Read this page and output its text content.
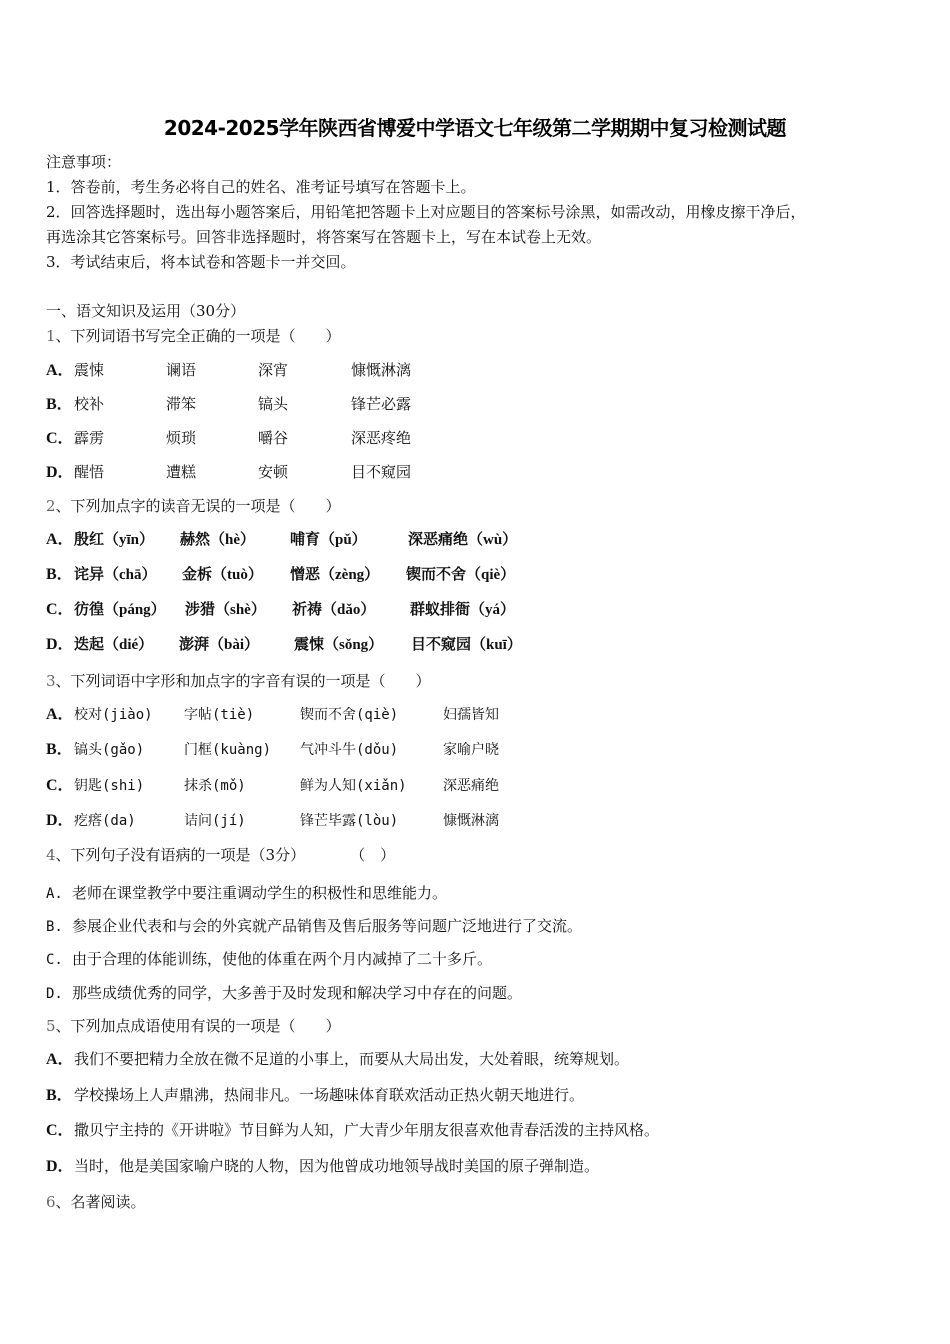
2024-2025学年陕西省博爱中学语文七年级第二学期期中复习检测试题
注意事项：
1．答卷前，考生务必将自己的姓名、准考证号填写在答题卡上。
2．回答选择题时，选出每小题答案后，用铅笔把答题卡上对应题目的答案标号涂黑，如需改动，用橡皮擦干净后，
再选涂其它答案标号。回答非选择题时，将答案写在答题卡上，写在本试卷上无效。
3．考试结束后，将本试卷和答题卡一并交回。
一、语文知识及运用（30分）
1、下列词语书写完全正确的一项是（　　）
A． 震悚	谰语	深宵	慷慨淋漓
B． 校补	滞笨	镐头	锋芒必露
C． 霹雳	烦琐	嚼谷	深恶疼绝
D． 醒悟	遭糕	安顿	目不窥园
2、下列加点字的读音无误的一项是（　　）
A． 殷红（yīn） 赫然（hè） 哺育（pǔ）	深恶痛绝（wù）
B． 诧异（chā） 金柝（tuò） 憎恶（zèng） 锲而不舍（qiè）
C． 彷徨（páng） 涉猎（shè） 祈祷（dǎo） 群蚁排衙（yá）
D． 迭起（dié） 澎湃（bài） 震悚（sǒng） 目不窥园（kuī）
3、下列词语中字形和加点字的字音有误的一项是（　　）
A． 校对(jiào) 字帖(tiè)	锲而不舍(qiè)	妇孺皆知
B． 镐头(gǎo)	门框(kuàng) 气冲斗牛(dǒu)	家喻户晓
C． 钥匙(shi)	抹杀(mǒ)	鲜为人知(xiǎn)	深恶痛绝
D． 疙瘩(da)	诘问(jí)	锋芒毕露(lòu)	慷慨淋漓
4、下列句子没有语病的一项是（3分）　　　　（　）
A. 老师在课堂教学中要注重调动学生的积极性和思维能力。
B. 参展企业代表和与会的外宾就产品销售及售后服务等问题广泛地进行了交流。
C. 由于合理的体能训练，使他的体重在两个月内减掉了二十多斤。
D. 那些成绩优秀的同学，大多善于及时发现和解决学习中存在的问题。
5、下列加点成语使用有误的一项是（　　）
A．我们不要把精力全放在微不足道的小事上，而要从大局出发，大处着眼，统筹规划。
B．学校操场上人声鼎沸，热闹非凡。一场趣味体育联欢活动正热火朝天地进行。
C．撒贝宁主持的《开讲啦》节目鲜为人知，广大青少年朋友很喜欢他青春活泼的主持风格。
D．当时，他是美国家喻户晓的人物，因为他曾成功地领导战时美国的原子弹制造。
6、名著阅读。
